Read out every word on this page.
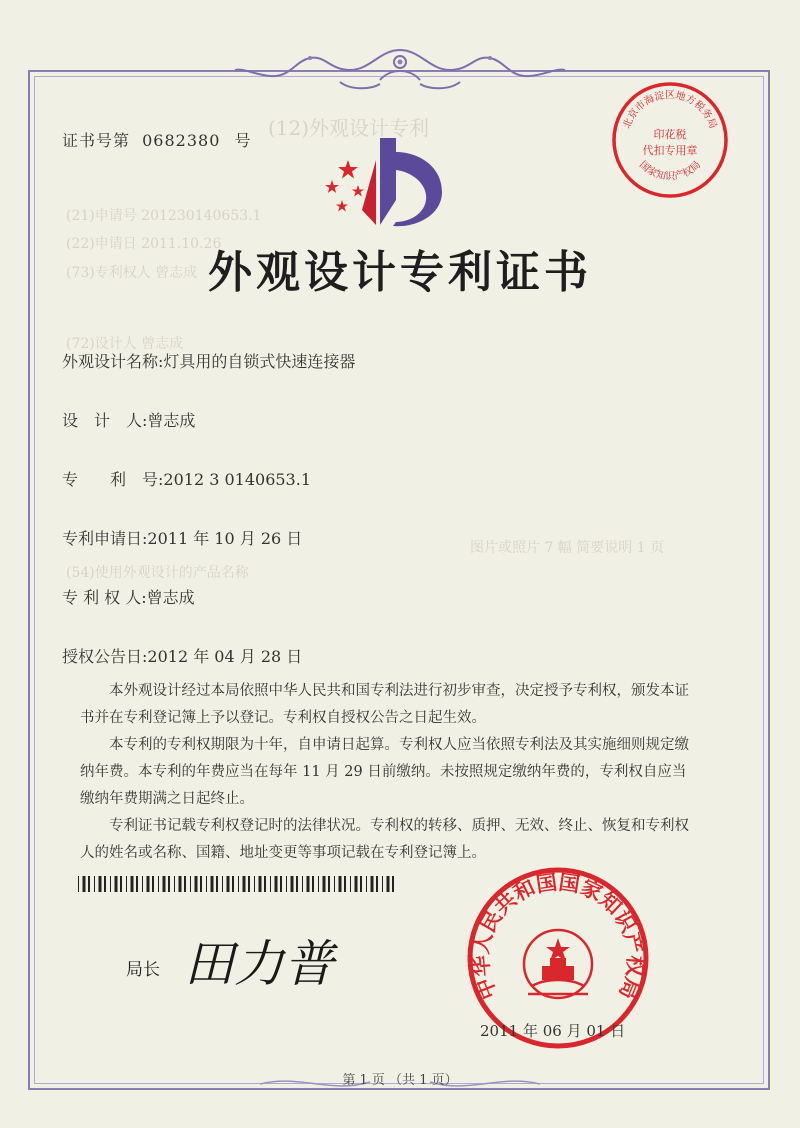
(12)外观设计专利
(21)申请号 201230140653.1
(22)申请日 2011.10.26
(73)专利权人 曾志成
(72)设计人 曾志成
图片或照片 7 幅 简要说明 1 页
(54)使用外观设计的产品名称
证书号第 0682380 号
北京市海淀区地方税务局
印花税
代扣专用章
国家知识产权局
外观设计专利证书
外观设计名称:灯具用的自锁式快速连接器
设　计　人:曾志成
专　　利　号:2012 3 0140653.1
专利申请日:2011 年 10 月 26 日
专 利 权 人:曾志成
授权公告日:2012 年 04 月 28 日
本外观设计经过本局依照中华人民共和国专利法进行初步审查，决定授予专利权，颁发本证书并在专利登记簿上予以登记。专利权自授权公告之日起生效。
本专利的专利权期限为十年，自申请日起算。专利权人应当依照专利法及其实施细则规定缴纳年费。本专利的年费应当在每年 11 月 29 日前缴纳。未按照规定缴纳年费的，专利权自应当缴纳年费期满之日起终止。
专利证书记载专利权登记时的法律状况。专利权的转移、质押、无效、终止、恢复和专利权人的姓名或名称、国籍、地址变更等事项记载在专利登记簿上。
局长 田力普	中华人民共和国国家知识产权局
2011 年 06 月 01 日
第 1 页 （共 1 页）
